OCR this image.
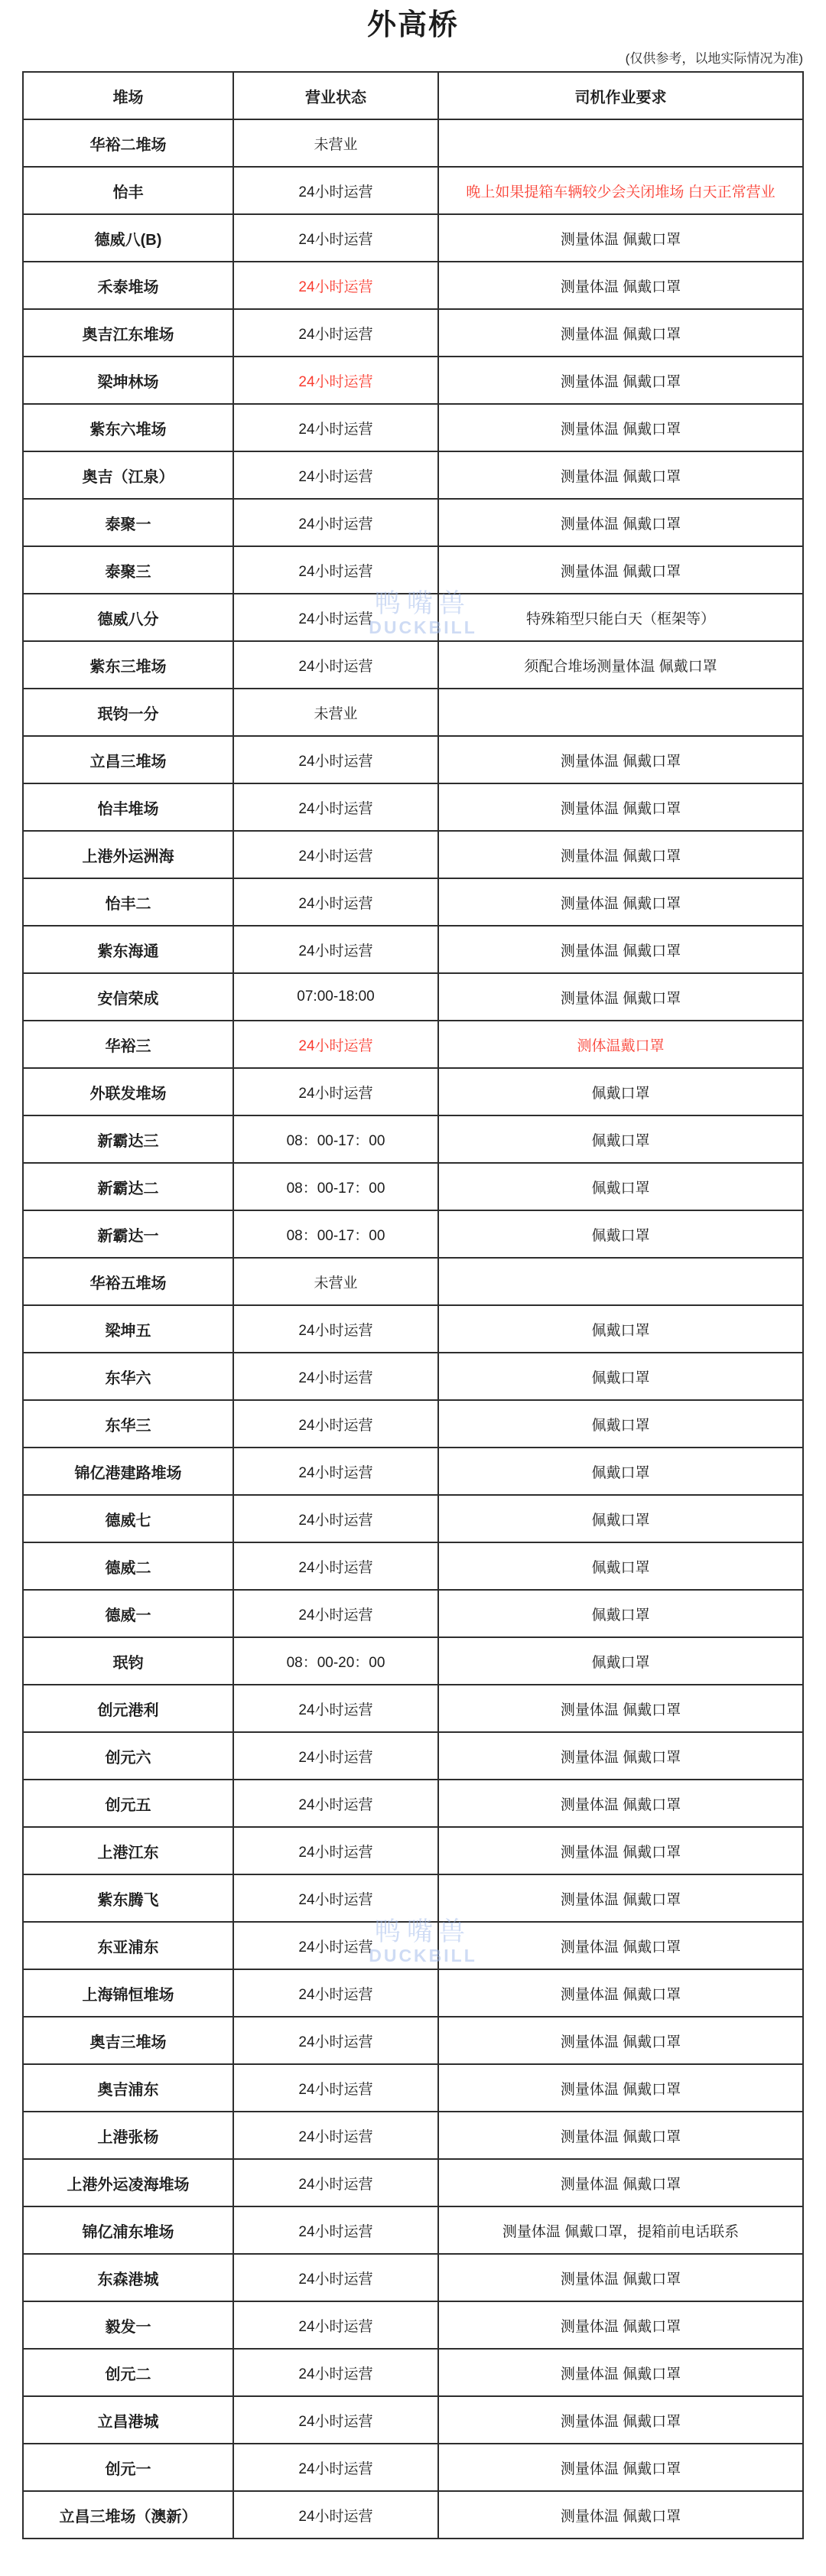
外高桥
(仅供参考，以地实际情况为准)
堆场	营业状态	司机作业要求
华裕二堆场	未营业	
怡丰	24小时运营	晚上如果提箱车辆较少会关闭堆场 白天正常营业
德威八(B)	24小时运营	测量体温 佩戴口罩
禾泰堆场	24小时运营	测量体温 佩戴口罩
奥吉江东堆场	24小时运营	测量体温 佩戴口罩
梁坤林场	24小时运营	测量体温 佩戴口罩
紫东六堆场	24小时运营	测量体温 佩戴口罩
奥吉（江泉）	24小时运营	测量体温 佩戴口罩
泰聚一	24小时运营	测量体温 佩戴口罩
泰聚三	24小时运营	测量体温 佩戴口罩
德威八分	24小时运营	特殊箱型只能白天（框架等）
紫东三堆场	24小时运营	须配合堆场测量体温 佩戴口罩
珉钧一分	未营业	
立昌三堆场	24小时运营	测量体温 佩戴口罩
怡丰堆场	24小时运营	测量体温 佩戴口罩
上港外运洲海	24小时运营	测量体温 佩戴口罩
怡丰二	24小时运营	测量体温 佩戴口罩
紫东海通	24小时运营	测量体温 佩戴口罩
安信荣成	07:00-18:00	测量体温 佩戴口罩
华裕三	24小时运营	测体温戴口罩
外联发堆场	24小时运营	佩戴口罩
新霸达三	08：00-17：00	佩戴口罩
新霸达二	08：00-17：00	佩戴口罩
新霸达一	08：00-17：00	佩戴口罩
华裕五堆场	未营业	
梁坤五	24小时运营	佩戴口罩
东华六	24小时运营	佩戴口罩
东华三	24小时运营	佩戴口罩
锦亿港建路堆场	24小时运营	佩戴口罩
德威七	24小时运营	佩戴口罩
德威二	24小时运营	佩戴口罩
德威一	24小时运营	佩戴口罩
珉钧	08：00-20：00	佩戴口罩
创元港利	24小时运营	测量体温 佩戴口罩
创元六	24小时运营	测量体温 佩戴口罩
创元五	24小时运营	测量体温 佩戴口罩
上港江东	24小时运营	测量体温 佩戴口罩
紫东腾飞	24小时运营	测量体温 佩戴口罩
东亚浦东	24小时运营	测量体温 佩戴口罩
上海锦恒堆场	24小时运营	测量体温 佩戴口罩
奥吉三堆场	24小时运营	测量体温 佩戴口罩
奥吉浦东	24小时运营	测量体温 佩戴口罩
上港张杨	24小时运营	测量体温 佩戴口罩
上港外运凌海堆场	24小时运营	测量体温 佩戴口罩
锦亿浦东堆场	24小时运营	测量体温 佩戴口罩，提箱前电话联系
东森港城	24小时运营	测量体温 佩戴口罩
毅发一	24小时运营	测量体温 佩戴口罩
创元二	24小时运营	测量体温 佩戴口罩
立昌港城	24小时运营	测量体温 佩戴口罩
创元一	24小时运营	测量体温 佩戴口罩
立昌三堆场（澳新）	24小时运营	测量体温 佩戴口罩
鸭嘴兽
DUCKBILL
鸭嘴兽
DUCKBILL
